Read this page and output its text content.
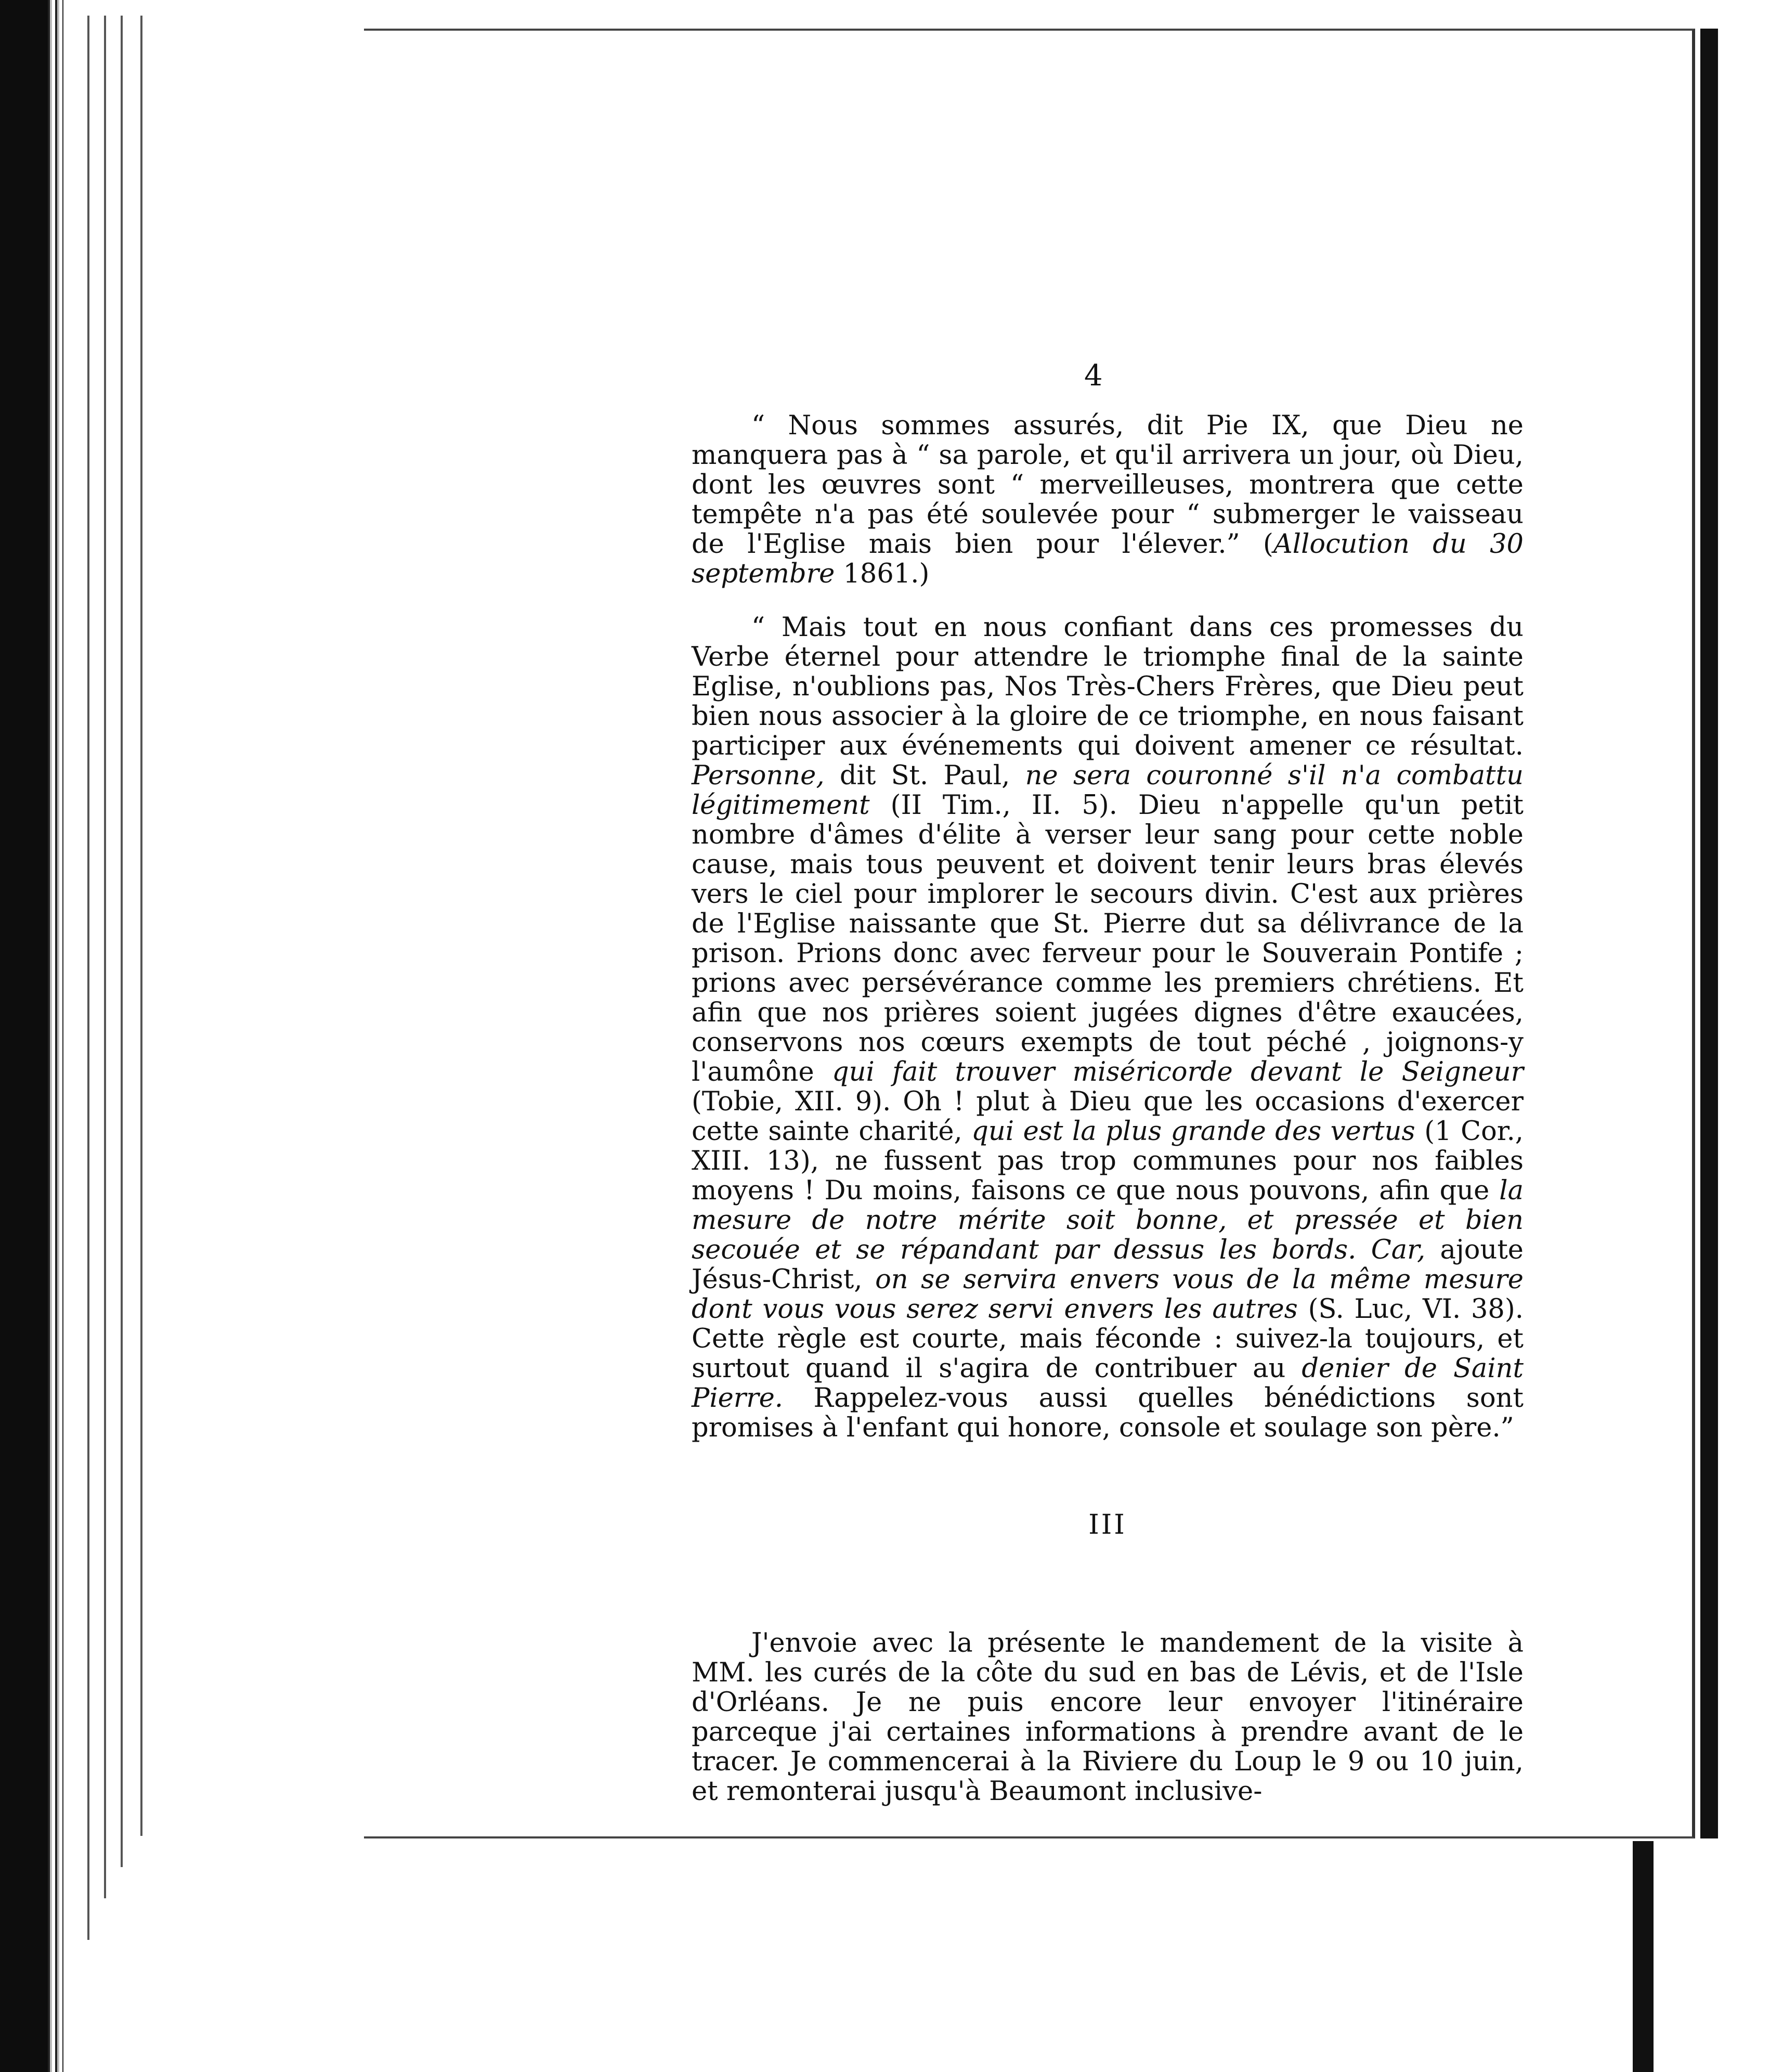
4

“ Nous sommes assurés, dit Pie IX, que Dieu ne manquera pas à “ sa parole, et qu'il arrivera un jour, où Dieu, dont les œuvres sont “ merveilleuses, montrera que cette tempête n'a pas été soulevée pour “ submerger le vaisseau de l'Eglise mais bien pour l'élever.” (Allocution du 30 septembre 1861.)

“ Mais tout en nous confiant dans ces promesses du Verbe éternel pour attendre le triomphe final de la sainte Eglise, n'oublions pas, Nos Très-Chers Frères, que Dieu peut bien nous associer à la gloire de ce triomphe, en nous faisant participer aux événements qui doivent amener ce résultat. Personne, dit St. Paul, ne sera couronné s'il n'a combattu légitimement (II Tim., II. 5). Dieu n'appelle qu'un petit nombre d'âmes d'élite à verser leur sang pour cette noble cause, mais tous peuvent et doivent tenir leurs bras élevés vers le ciel pour implorer le secours divin. C'est aux prières de l'Eglise naissante que St. Pierre dut sa délivrance de la prison. Prions donc avec ferveur pour le Souverain Pontife ; prions avec persévérance comme les premiers chrétiens. Et afin que nos prières soient jugées dignes d'être exaucées, conservons nos cœurs exempts de tout péché , joignons-y l'aumône qui fait trouver miséricorde devant le Seigneur (Tobie, XII. 9). Oh ! plut à Dieu que les occasions d'exercer cette sainte charité, qui est la plus grande des vertus (1 Cor., XIII. 13), ne fussent pas trop communes pour nos faibles moyens ! Du moins, faisons ce que nous pouvons, afin que la mesure de notre mérite soit bonne, et pressée et bien secouée et se répandant par dessus les bords. Car, ajoute Jésus-Christ, on se servira envers vous de la même mesure dont vous vous serez servi envers les autres (S. Luc, VI. 38). Cette règle est courte, mais féconde : suivez-la toujours, et surtout quand il s'agira de contribuer au denier de Saint Pierre. Rappelez-vous aussi quelles bénédictions sont promises à l'enfant qui honore, console et soulage son père.”

III

J'envoie avec la présente le mandement de la visite à MM. les curés de la côte du sud en bas de Lévis, et de l'Isle d'Orléans. Je ne puis encore leur envoyer l'itinéraire parceque j'ai certaines informations à prendre avant de le tracer. Je commencerai à la Riviere du Loup le 9 ou 10 juin, et remonterai jusqu'à Beaumont inclusive-
